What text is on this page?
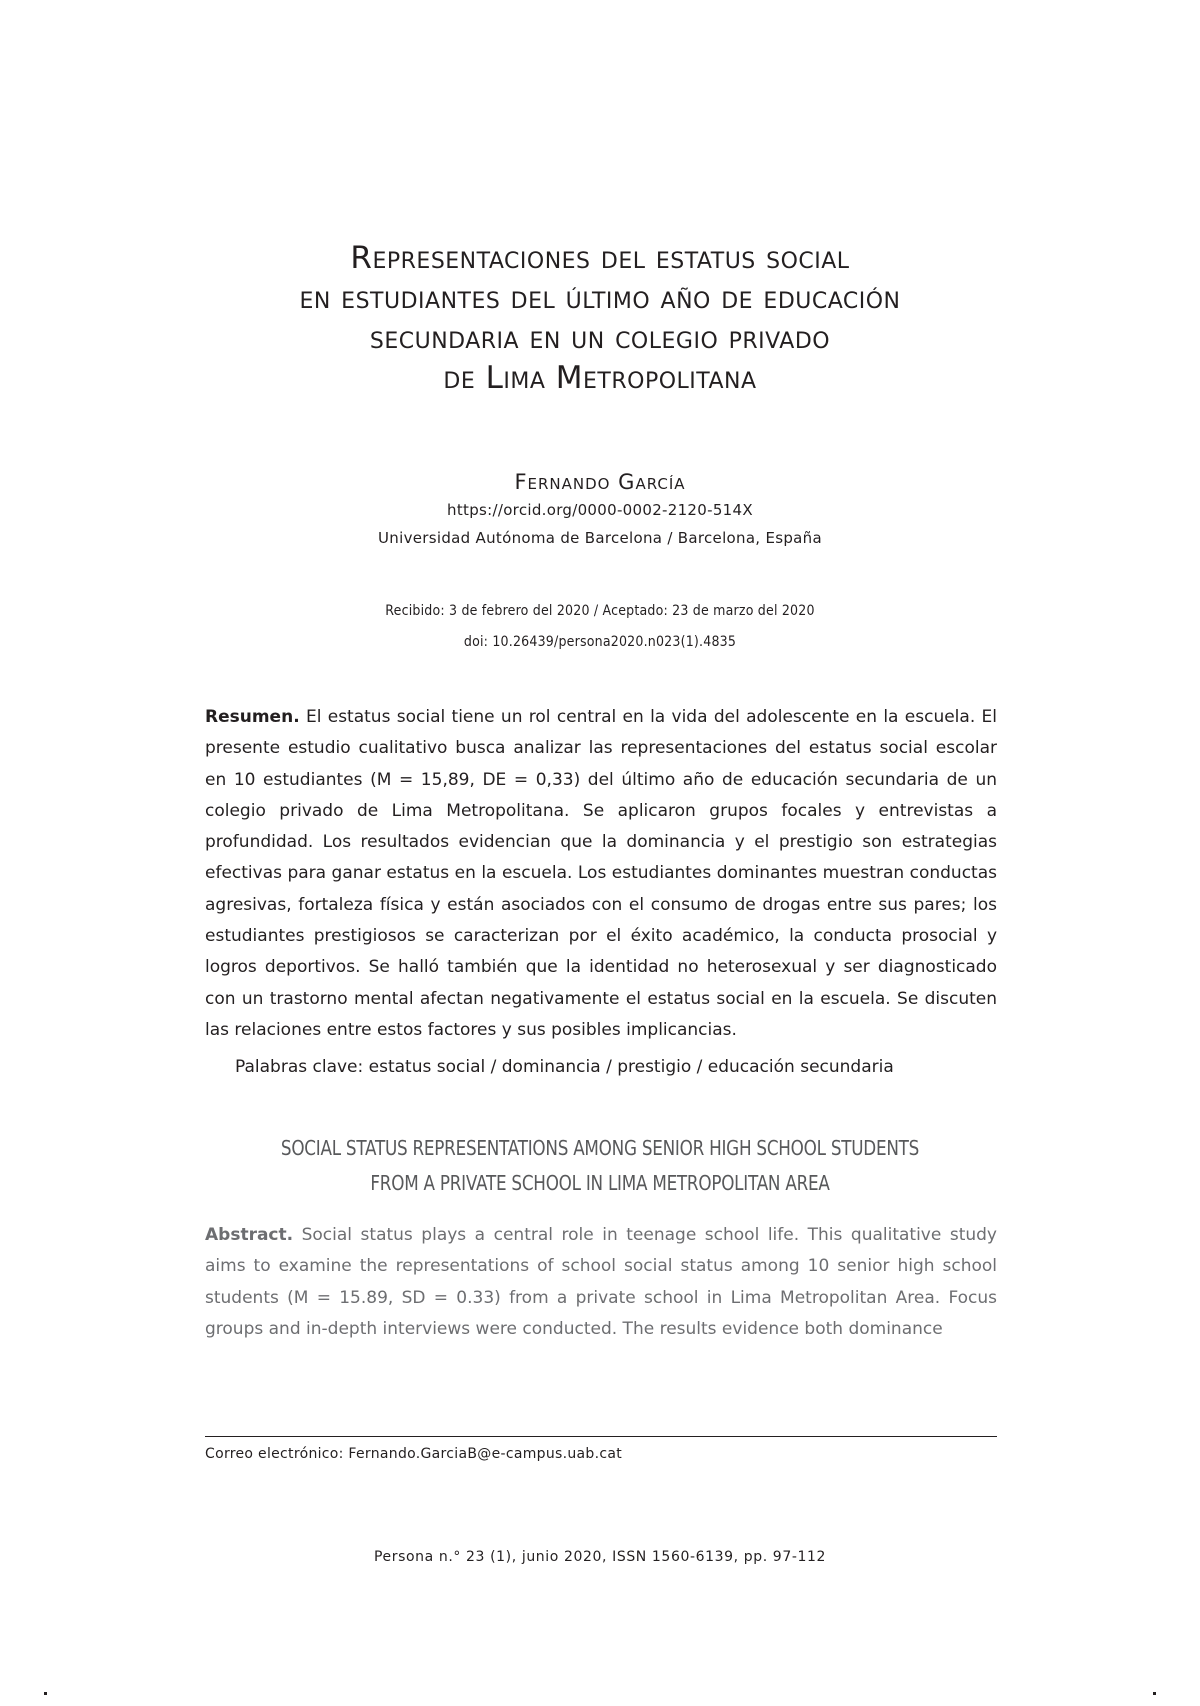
Representaciones del estatus social
en estudiantes del último año de educación
secundaria en un colegio privado
de Lima Metropolitana
Fernando García
https://orcid.org/0000-0002-2120-514X
Universidad Autónoma de Barcelona / Barcelona, España
Recibido: 3 de febrero del 2020 / Aceptado: 23 de marzo del 2020
doi: 10.26439/persona2020.n023(1).4835
Resumen. El estatus social tiene un rol central en la vida del adolescente en la escuela. El presente estudio cualitativo busca analizar las representaciones del estatus social escolar en 10 estudiantes (M = 15,89, DE = 0,33) del último año de educación secundaria de un colegio privado de Lima Metropolitana. Se aplicaron grupos focales y entrevistas a profundidad. Los resultados evidencian que la dominancia y el prestigio son estrategias efectivas para ganar estatus en la escuela. Los estudiantes dominantes muestran conductas agresivas, fortaleza física y están asociados con el consumo de drogas entre sus pares; los estudiantes prestigiosos se caracterizan por el éxito académico, la conducta prosocial y logros deportivos. Se halló también que la identidad no heterosexual y ser diagnosticado con un trastorno mental afectan negativamente el estatus social en la escuela. Se discuten las relaciones entre estos factores y sus posibles implicancias.
Palabras clave: estatus social / dominancia / prestigio / educación secundaria
SOCIAL STATUS REPRESENTATIONS AMONG SENIOR HIGH SCHOOL STUDENTS
FROM A PRIVATE SCHOOL IN LIMA METROPOLITAN AREA
Abstract. Social status plays a central role in teenage school life. This qualitative study aims to examine the representations of school social status among 10 senior high school students (M = 15.89, SD = 0.33) from a private school in Lima Metropolitan Area. Focus groups and in-depth interviews were conducted. The results evidence both dominance
Correo electrónico: Fernando.GarciaB@e-campus.uab.cat
Persona n.° 23 (1), junio 2020, ISSN 1560-6139, pp. 97-112
